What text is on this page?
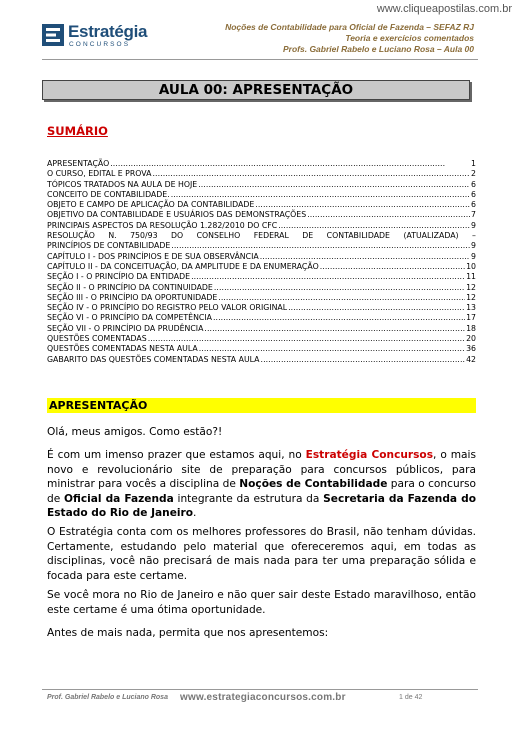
www.cliqueapostilas.com.br
Estratégia
CONCURSOS
Noções de Contabilidade para Oficial de Fazenda – SEFAZ RJ
Teoria e exercícios comentados
Profs. Gabriel Rabelo e Luciano Rosa – Aula 00
AULA 00: APRESENTAÇÃO
SUMÁRIO
APRESENTAÇÃO . . .	1
O CURSO, EDITAL E PROVA . . .	2
TÓPICOS TRATADOS NA AULA DE HOJE . . .	6
CONCEITO DE CONTABILIDADE. . . .	6
OBJETO E CAMPO DE APLICAÇÃO DA CONTABILIDADE . . .	6
OBJETIVO DA CONTABILIDADE E USUÁRIOS DAS DEMONSTRAÇÕES . . .	7
PRINCIPAIS ASPECTOS DA RESOLUÇÃO 1.282/2010 DO CFC . . .	9
RESOLUÇÃO N. 750/93 DO CONSELHO FEDERAL DE CONTABILIDADE (ATUALIZADA) –
PRINCÍPIOS DE CONTABILIDADE . . .	9
CAPÍTULO I - DOS PRINCÍPIOS E DE SUA OBSERVÂNCIA . . .	9
CAPÍTULO II - DA CONCEITUAÇÃO, DA AMPLITUDE E DA ENUMERAÇÃO . . .	10
SEÇÃO I - O PRINCÍPIO DA ENTIDADE . . .	11
SEÇÃO II - O PRINCÍPIO DA CONTINUIDADE . . .	12
SEÇÃO III - O PRINCÍPIO DA OPORTUNIDADE . . .	12
SEÇÃO IV - O PRINCÍPIO DO REGISTRO PELO VALOR ORIGINAL . . .	13
SEÇÃO VI - O PRINCÍPIO DA COMPETÊNCIA . . .	17
SEÇÃO VII - O PRINCÍPIO DA PRUDÊNCIA . . .	18
QUESTÕES COMENTADAS . . .	20
QUESTÕES COMENTADAS NESTA AULA . . .	36
GABARITO DAS QUESTÕES COMENTADAS NESTA AULA . . .	42
APRESENTAÇÃO
Olá, meus amigos. Como estão?!
É com um imenso prazer que estamos aqui, no Estratégia Concursos, o mais novo e revolucionário site de preparação para concursos públicos, para ministrar para vocês a disciplina de Noções de Contabilidade para o concurso de Oficial da Fazenda integrante da estrutura da Secretaria da Fazenda do Estado do Rio de Janeiro.
O Estratégia conta com os melhores professores do Brasil, não tenham dúvidas. Certamente, estudando pelo material que ofereceremos aqui, em todas as disciplinas, você não precisará de mais nada para ter uma preparação sólida e focada para este certame.
Se você mora no Rio de Janeiro e não quer sair deste Estado maravilhoso, então este certame é uma ótima oportunidade.
Antes de mais nada, permita que nos apresentemos:
Prof. Gabriel Rabelo e Luciano Rosa www.estrategiaconcursos.com.br	1 de 42
